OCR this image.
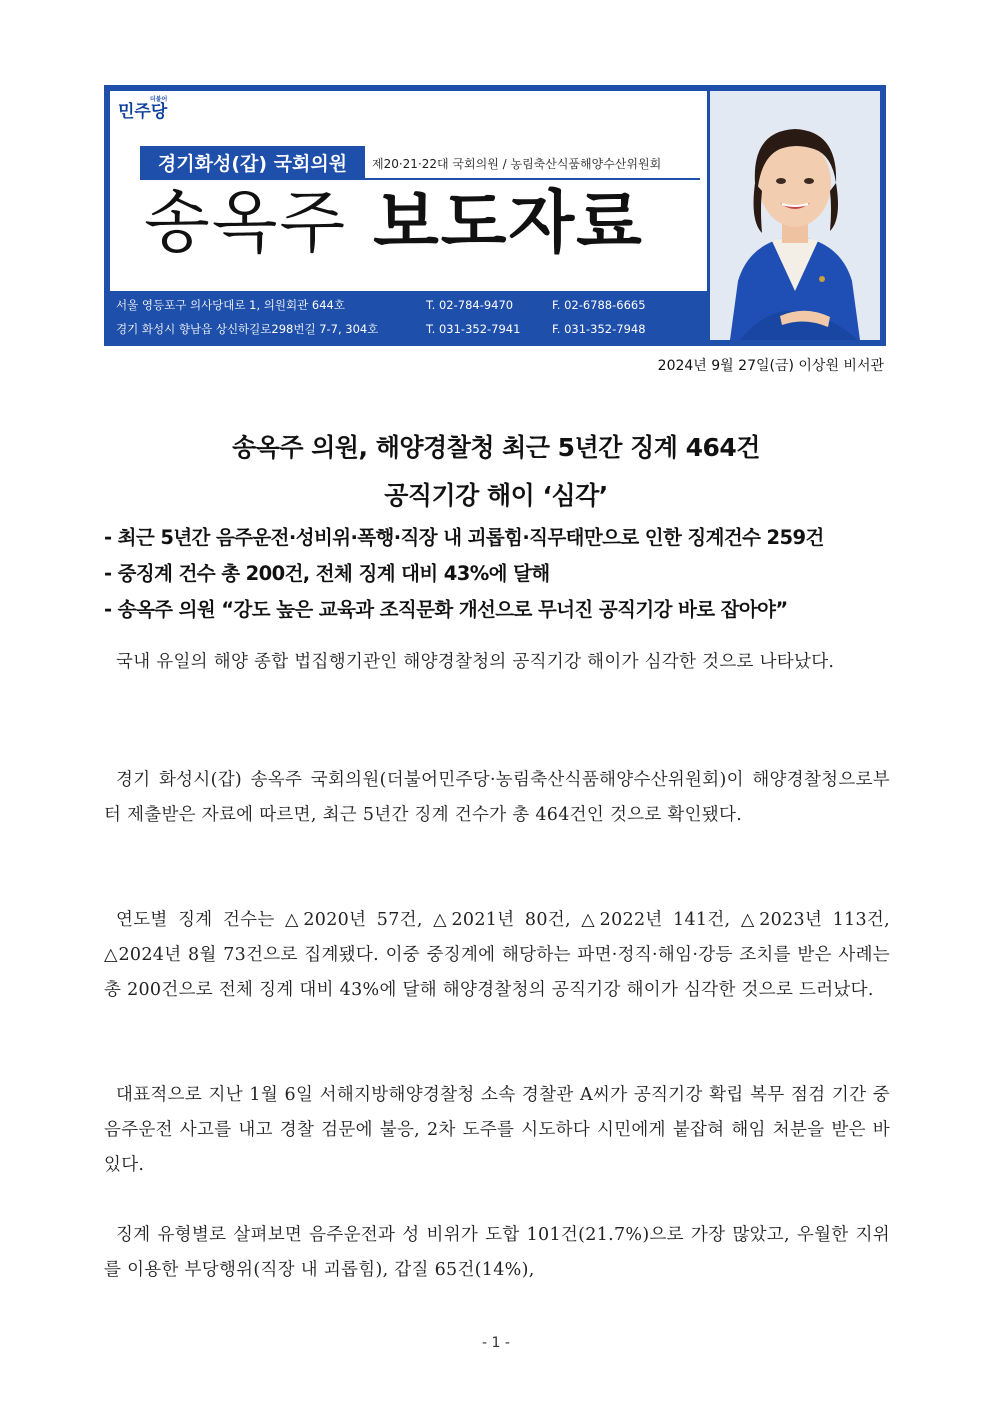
더불어
민주당
경기화성(갑) 국회의원	제20·21·22대 국회의원 / 농림축산식품해양수산위원회
송옥주 보도자료
서울 영등포구 의사당대로 1, 의원회관 644호	T. 02-784-9470	F. 02-6788-6665
경기 화성시 향남읍 상신하길로298번길 7-7, 304호	T. 031-352-7941	F. 031-352-7948
2024년 9월 27일(금) 이상원 비서관
송옥주 의원, 해양경찰청 최근 5년간 징계 464건
공직기강 해이 ‘심각’
- 최근 5년간 음주운전·성비위·폭행·직장 내 괴롭힘·직무태만으로 인한 징계건수 259건
- 중징계 건수 총 200건, 전체 징계 대비 43%에 달해
- 송옥주 의원 “강도 높은 교육과 조직문화 개선으로 무너진 공직기강 바로 잡아야”

국내 유일의 해양 종합 법집행기관인 해양경찰청의 공직기강 해이가 심각한 것으로 나타났다.

경기 화성시(갑) 송옥주 국회의원(더불어민주당·농림축산식품해양수산위원회)이 해양경찰청으로부터 제출받은 자료에 따르면, 최근 5년간 징계 건수가 총 464건인 것으로 확인됐다.

연도별 징계 건수는 △2020년 57건, △2021년 80건, △2022년 141건, △2023년 113건, △2024년 8월 73건으로 집계됐다. 이중 중징계에 해당하는 파면·정직·해임·강등 조치를 받은 사례는 총 200건으로 전체 징계 대비 43%에 달해 해양경찰청의 공직기강 해이가 심각한 것으로 드러났다.

대표적으로 지난 1월 6일 서해지방해양경찰청 소속 경찰관 A씨가 공직기강 확립 복무 점검 기간 중 음주운전 사고를 내고 경찰 검문에 불응, 2차 도주를 시도하다 시민에게 붙잡혀 해임 처분을 받은 바 있다.

징계 유형별로 살펴보면 음주운전과 성 비위가 도합 101건(21.7%)으로 가장 많았고, 우월한 지위를 이용한 부당행위(직장 내 괴롭힘), 갑질 65건(14%),

- 1 -
